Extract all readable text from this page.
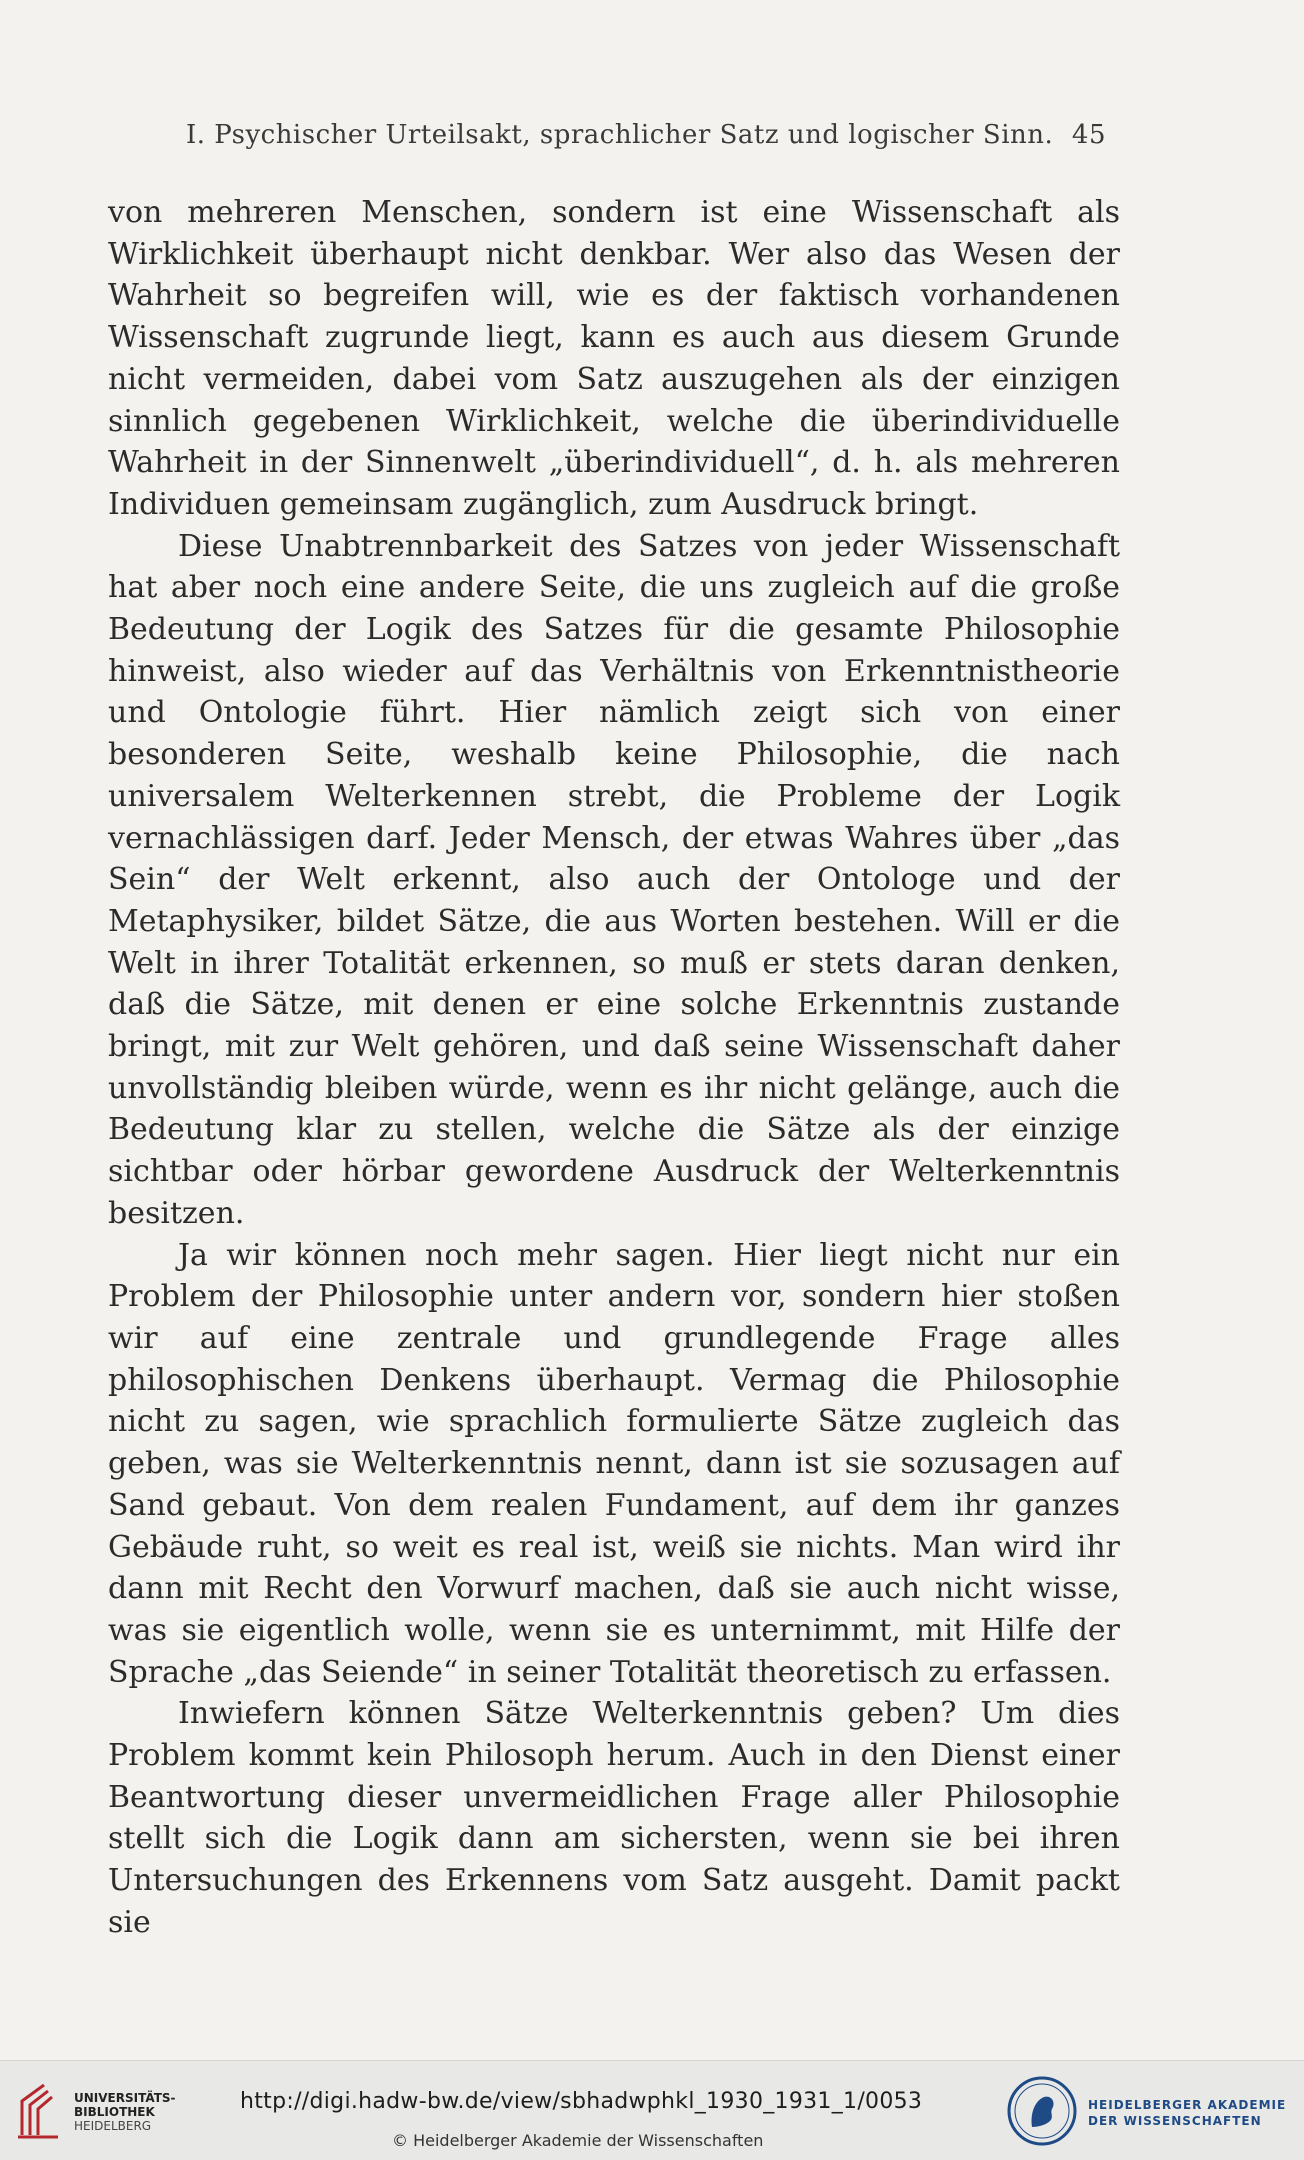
I. Psychischer Urteilsakt, sprachlicher Satz und logischer Sinn. 45

von mehreren Menschen, sondern ist eine Wissenschaft als Wirklichkeit überhaupt nicht denkbar. Wer also das Wesen der Wahrheit so begreifen will, wie es der faktisch vorhandenen Wissenschaft zugrunde liegt, kann es auch aus diesem Grunde nicht vermeiden, dabei vom Satz auszugehen als der einzigen sinnlich gegebenen Wirklichkeit, welche die überindividuelle Wahrheit in der Sinnenwelt „überindividuell“, d. h. als mehreren Individuen gemeinsam zugänglich, zum Ausdruck bringt.

Diese Unabtrennbarkeit des Satzes von jeder Wissenschaft hat aber noch eine andere Seite, die uns zugleich auf die große Bedeutung der Logik des Satzes für die gesamte Philosophie hinweist, also wieder auf das Verhältnis von Erkenntnistheorie und Ontologie führt. Hier nämlich zeigt sich von einer besonderen Seite, weshalb keine Philosophie, die nach universalem Welterkennen strebt, die Probleme der Logik vernachlässigen darf. Jeder Mensch, der etwas Wahres über „das Sein“ der Welt erkennt, also auch der Ontologe und der Metaphysiker, bildet Sätze, die aus Worten bestehen. Will er die Welt in ihrer Totalität erkennen, so muß er stets daran denken, daß die Sätze, mit denen er eine solche Erkenntnis zustande bringt, mit zur Welt gehören, und daß seine Wissenschaft daher unvollständig bleiben würde, wenn es ihr nicht gelänge, auch die Bedeutung klar zu stellen, welche die Sätze als der einzige sichtbar oder hörbar gewordene Ausdruck der Welterkenntnis besitzen.

Ja wir können noch mehr sagen. Hier liegt nicht nur ein Problem der Philosophie unter andern vor, sondern hier stoßen wir auf eine zentrale und grundlegende Frage alles philosophischen Denkens überhaupt. Vermag die Philosophie nicht zu sagen, wie sprachlich formulierte Sätze zugleich das geben, was sie Welterkenntnis nennt, dann ist sie sozusagen auf Sand gebaut. Von dem realen Fundament, auf dem ihr ganzes Gebäude ruht, so weit es real ist, weiß sie nichts. Man wird ihr dann mit Recht den Vorwurf machen, daß sie auch nicht wisse, was sie eigentlich wolle, wenn sie es unternimmt, mit Hilfe der Sprache „das Seiende“ in seiner Totalität theoretisch zu erfassen.

Inwiefern können Sätze Welterkenntnis geben? Um dies Problem kommt kein Philosoph herum. Auch in den Dienst einer Beantwortung dieser unvermeidlichen Frage aller Philosophie stellt sich die Logik dann am sichersten, wenn sie bei ihren Untersuchungen des Erkennens vom Satz ausgeht. Damit packt sie

UNIVERSITÄTS-
BIBLIOTHEK
HEIDELBERG
http://digi.hadw-bw.de/view/sbhadwphkl_1930_1931_1/0053
© Heidelberger Akademie der Wissenschaften
HEIDELBERGER AKADEMIE
DER WISSENSCHAFTEN
